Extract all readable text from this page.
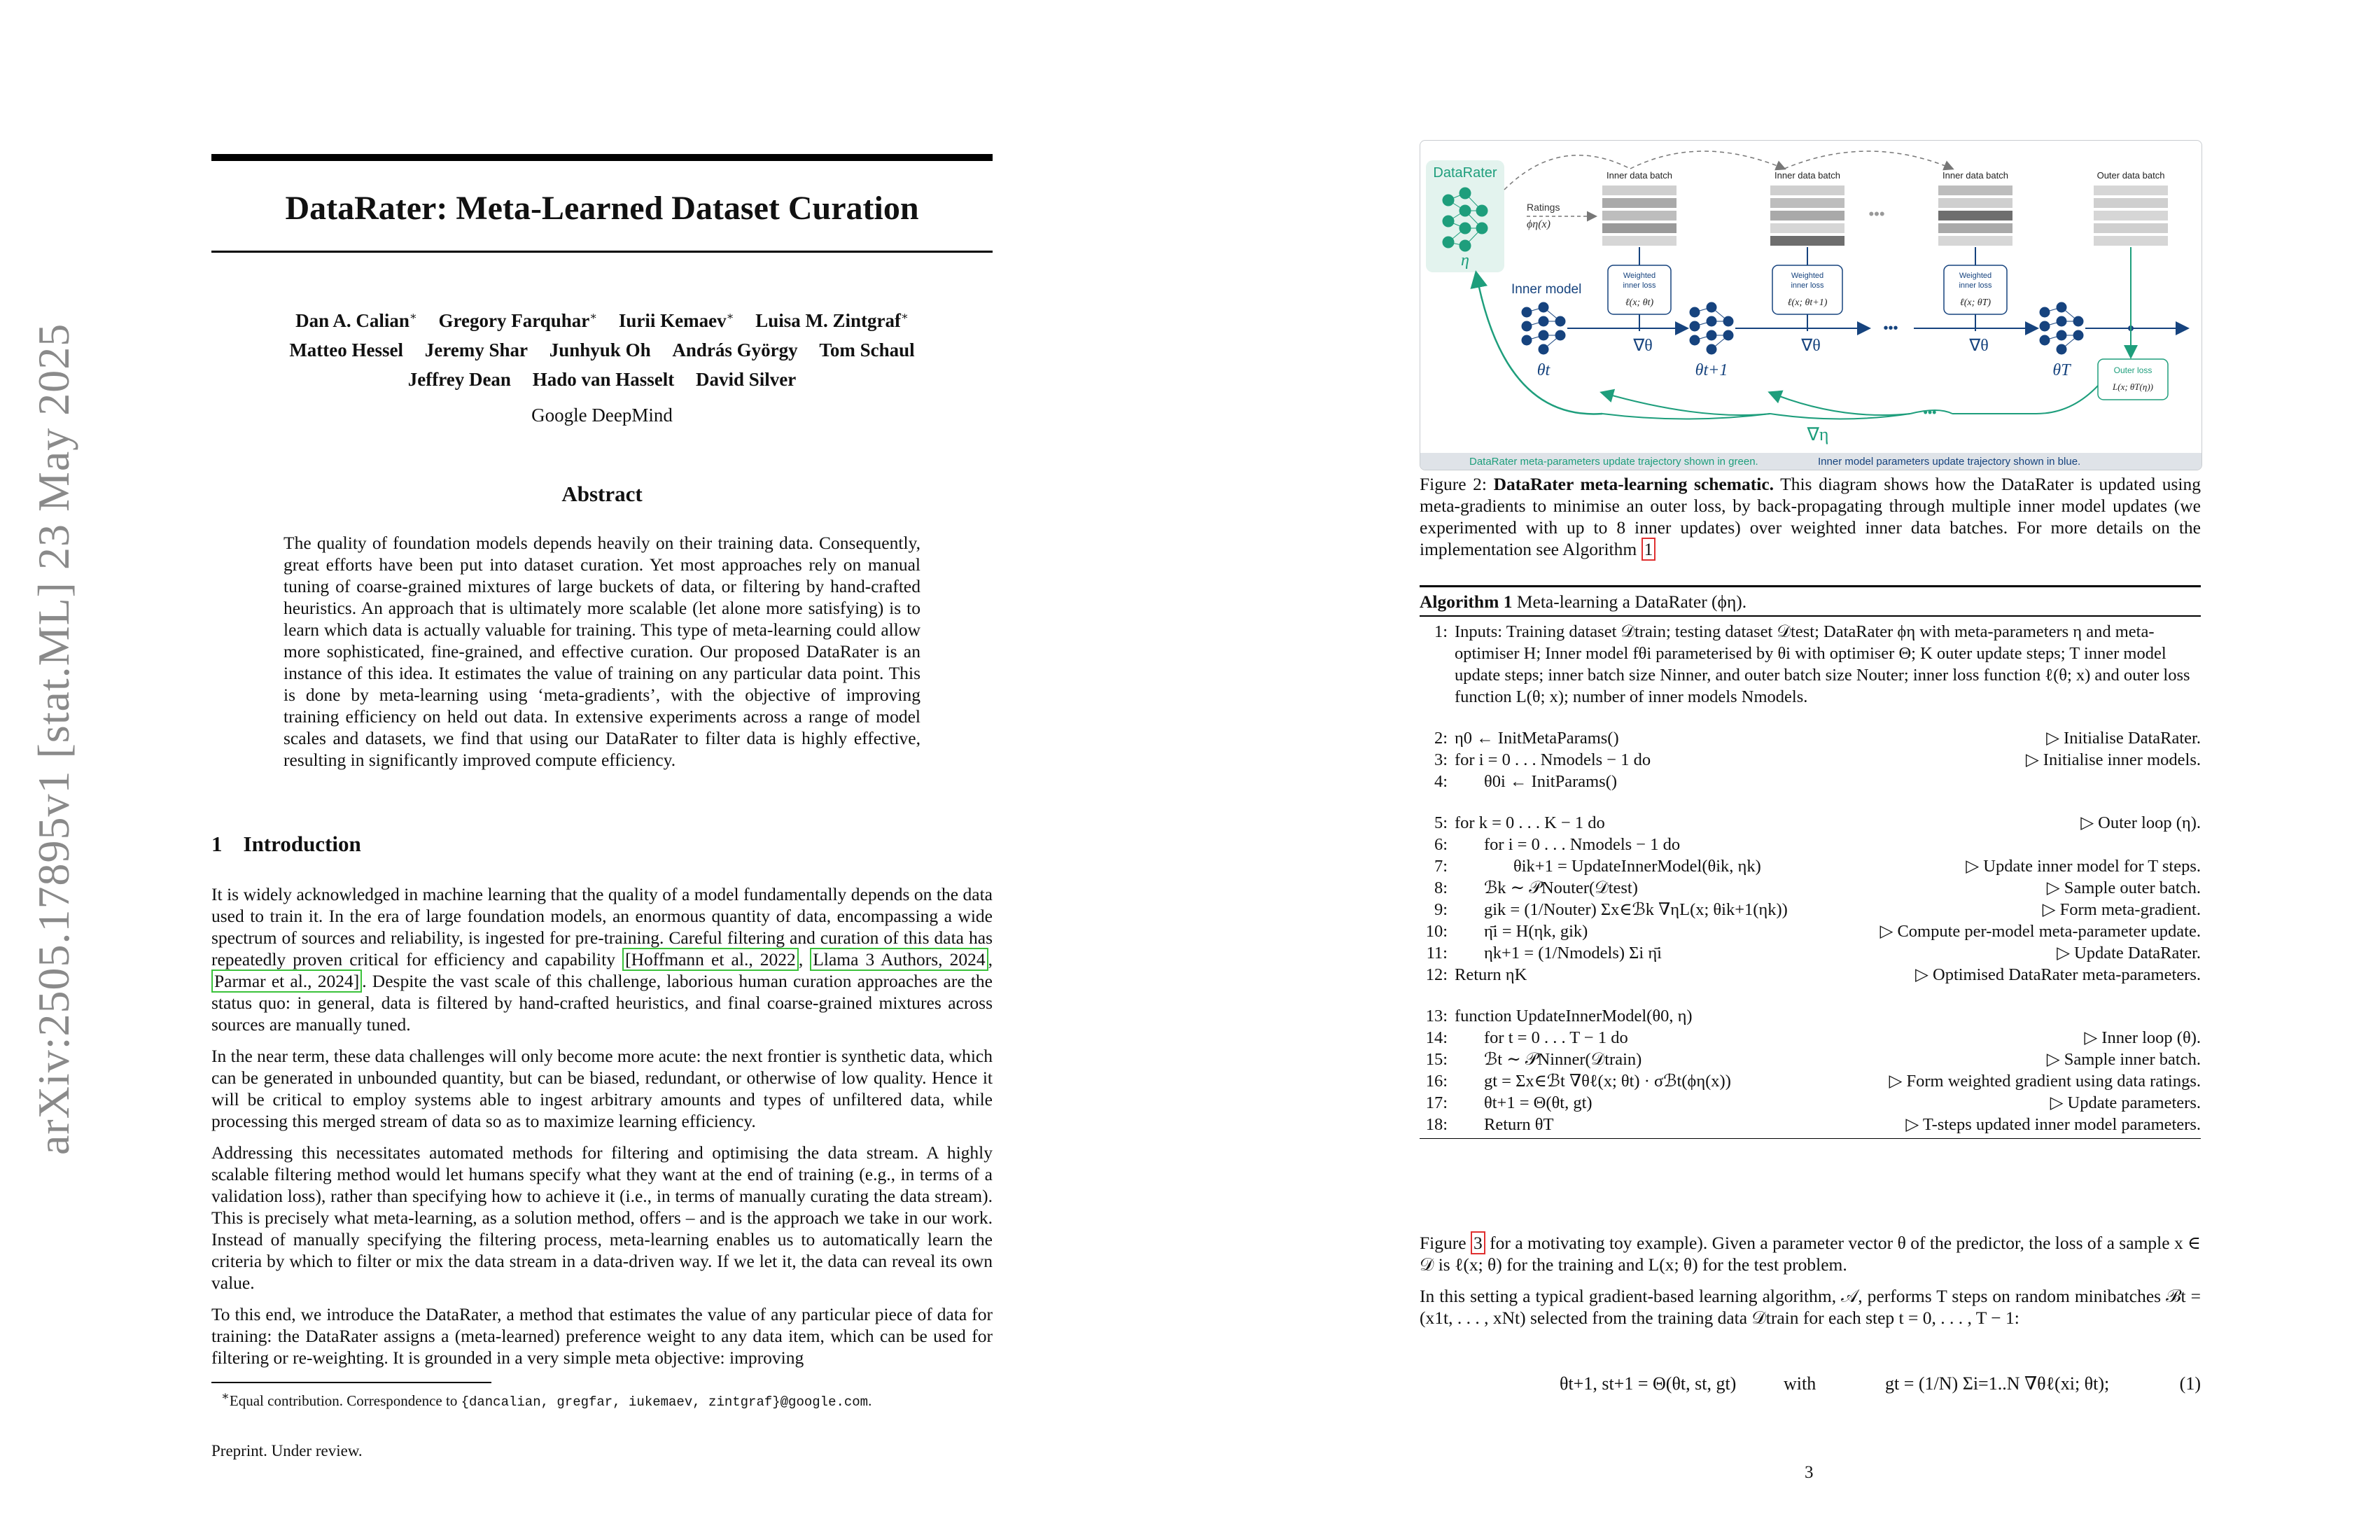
arXiv:2505.17895v1 [stat.ML] 23 May 2025
DataRater: Meta-Learned Dataset Curation
Dan A. Calian∗ Gregory Farquhar∗ Iurii Kemaev∗ Luisa M. Zintgraf∗
Matteo Hessel Jeremy Shar Junhyuk Oh András György Tom Schaul
Jeffrey Dean Hado van Hasselt David Silver
Google DeepMind
Abstract
The quality of foundation models depends heavily on their training data. Consequently, great efforts have been put into dataset curation. Yet most approaches rely on manual tuning of coarse-grained mixtures of large buckets of data, or filtering by hand-crafted heuristics. An approach that is ultimately more scalable (let alone more satisfying) is to learn which data is actually valuable for training. This type of meta-learning could allow more sophisticated, fine-grained, and effective curation. Our proposed DataRater is an instance of this idea. It estimates the value of training on any particular data point. This is done by meta-learning using ‘meta-gradients’, with the objective of improving training efficiency on held out data. In extensive experiments across a range of model scales and datasets, we find that using our DataRater to filter data is highly effective, resulting in significantly improved compute efficiency.
1 Introduction

It is widely acknowledged in machine learning that the quality of a model fundamentally depends on the data used to train it. In the era of large foundation models, an enormous quantity of data, encompassing a wide spectrum of sources and reliability, is ingested for pre-training. Careful filtering and curation of this data has repeatedly proven critical for efficiency and capability [Hoffmann et al., 2022 , Llama 3 Authors, 2024 , Parmar et al., 2024] . Despite the vast scale of this challenge, laborious human curation approaches are the status quo: in general, data is filtered by hand-crafted heuristics, and final coarse-grained mixtures across sources are manually tuned.

In the near term, these data challenges will only become more acute: the next frontier is synthetic data, which can be generated in unbounded quantity, but can be biased, redundant, or otherwise of low quality. Hence it will be critical to employ systems able to ingest arbitrary amounts and types of unfiltered data, while processing this merged stream of data so as to maximize learning efficiency.

Addressing this necessitates automated methods for filtering and optimising the data stream. A highly scalable filtering method would let humans specify what they want at the end of training (e.g., in terms of a validation loss), rather than specifying how to achieve it (i.e., in terms of manually curating the data stream). This is precisely what meta-learning, as a solution method, offers – and is the approach we take in our work. Instead of manually specifying the filtering process, meta-learning enables us to automatically learn the criteria by which to filter or mix the data stream in a data-driven way. If we let it, the data can reveal its own value.

To this end, we introduce the DataRater, a method that estimates the value of any particular piece of data for training: the DataRater assigns a (meta-learned) preference weight to any data item, which can be used for filtering or re-weighting. It is grounded in a very simple meta objective: improving

∗Equal contribution. Correspondence to {dancalian, gregfar, iukemaev, zintgraf}@google.com.
Preprint. Under review.
DataRater
η
Ratings
ϕη(x)
Inner data batch	Inner data batch
•••
Inner data batch	Outer data batch
Weighted
inner loss
ℓ(x; θt)
Weighted
inner loss
ℓ(x; θt+1)
Weighted
inner loss
ℓ(x; θT)
∇θ	∇θ	∇θ
Inner model
•••
θt	θt+1	θT	Outer loss
L(x; θT(η))
•••
∇η
DataRater meta-parameters update trajectory shown in green.	Inner model parameters update trajectory shown in blue.
Figure 2: DataRater meta-learning schematic. This diagram shows how the DataRater is updated using meta-gradients to minimise an outer loss, by back-propagating through multiple inner model updates (we experimented with up to 8 inner updates) over weighted inner data batches. For more details on the implementation see Algorithm 1
Algorithm 1 Meta-learning a DataRater (ϕη).
1: Inputs: Training dataset 𝒟train; testing dataset 𝒟test; DataRater ϕη with meta-parameters η and meta-optimiser H; Inner model fθi parameterised by θi with optimiser Θ; K outer update steps; T inner model update steps; inner batch size Ninner, and outer batch size Nouter; inner loss function ℓ(θ; x) and outer loss function L(θ; x); number of inner models Nmodels.
2: η0 ← InitMetaParams()	▷ Initialise DataRater.
3: for i = 0 . . . Nmodels − 1 do	▷ Initialise inner models.
4:	θ0i ← InitParams()
5: for k = 0 . . . K − 1 do	▷ Outer loop (η).
6:	for i = 0 . . . Nmodels − 1 do
7:	θik+1 = UpdateInnerModel(θik, ηk)	▷ Update inner model for T steps.
8:	ℬk ∼ 𝒫Nouter(𝒟test)	▷ Sample outer batch.
9:	gik = (1/Nouter) Σx∈ℬk ∇ηL(x; θik+1(ηk))	▷ Form meta-gradient.
10:	η̄i = H(ηk, gik)	▷ Compute per-model meta-parameter update.
11:	ηk+1 = (1/Nmodels) Σi η̄i	▷ Update DataRater.
12: Return ηK	▷ Optimised DataRater meta-parameters.
13: function UpdateInnerModel(θ0, η)
14:	for t = 0 . . . T − 1 do	▷ Inner loop (θ).
15:	ℬt ∼ 𝒫Ninner(𝒟train)	▷ Sample inner batch.
16:	gt = Σx∈ℬt ∇θℓ(x; θt) · σℬt(ϕη(x))	▷ Form weighted gradient using data ratings.
17:	θt+1 = Θ(θt, gt)	▷ Update parameters.
18:	Return θT	▷ T-steps updated inner model parameters.

Figure 3 for a motivating toy example). Given a parameter vector θ of the predictor, the loss of a sample x ∈ 𝒟 is ℓ(x; θ) for the training and L(x; θ) for the test problem.

In this setting a typical gradient-based learning algorithm, 𝒜, performs T steps on random minibatches ℬt = (x1t, . . . , xNt) selected from the training data 𝒟train for each step t = 0, . . . , T − 1:

θt+1, st+1 = Θ(θt, st, gt)	with	gt = (1/N) Σi=1..N ∇θℓ(xi; θt);	(1)
3
